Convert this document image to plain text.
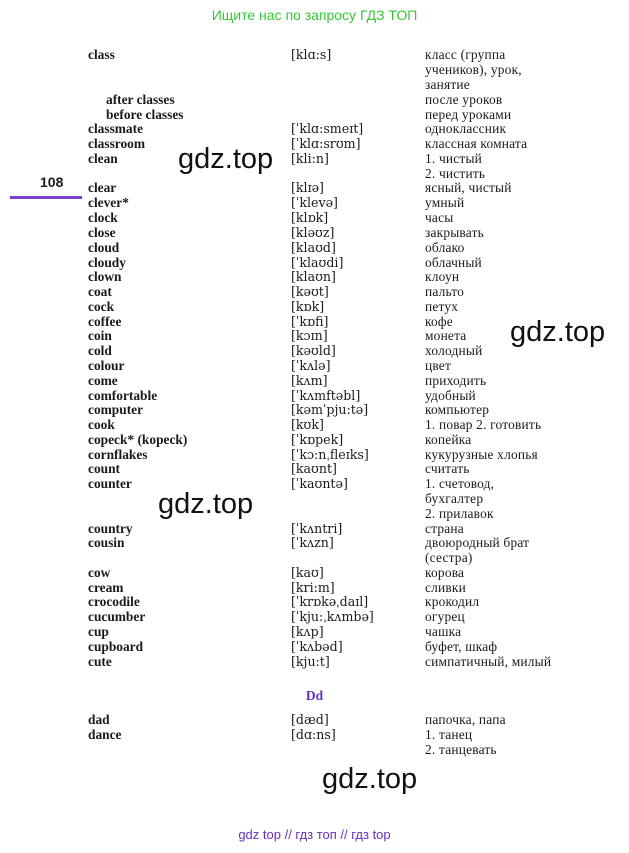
Ищите нас по запросу ГДЗ ТОП
108
class	[klɑ:s]	класс (группа
учеников), урок,
занятие
after classes	после уроков
before classes	перед уроками
classmate	[ˈklɑ:smeɪt]	одноклассник
classroom	[ˈklɑ:srʊm]	классная комната
clean	[kli:n]	1. чистый
2. чистить
clear	[klɪə]	ясный, чистый
clever*	[ˈklevə]	умный
clock	[klɒk]	часы
close	[kləʊz]	закрывать
cloud	[klaʊd]	облако
cloudy	[ˈklaʊdi]	облачный
clown	[klaʊn]	клоун
coat	[kəʊt]	пальто
cock	[kɒk]	петух
coffee	[ˈkɒfi]	кофе
coin	[kɔɪn]	монета
cold	[kəʊld]	холодный
colour	[ˈkʌlə]	цвет
come	[kʌm]	приходить
comfortable	[ˈkʌmftəbl]	удобный
computer	[kəmˈpju:tə]	компьютер
cook	[kʊk]	1. повар 2. готовить
copeck* (kopeck)	[ˈkɒpek]	копейка
cornflakes	[ˈkɔ:nˌfleɪks]	кукурузные хлопья
count	[kaʊnt]	считать
counter	[ˈkaʊntə]	1. счетовод,
бухгалтер
2. прилавок
country	[ˈkʌntri]	страна
cousin	[ˈkʌzn]	двоюродный брат
(сестра)
cow	[kaʊ]	корова
cream	[kri:m]	сливки
crocodile	[ˈkrɒkəˌdaɪl]	крокодил
cucumber	[ˈkju:ˌkʌmbə]	огурец
cup	[kʌp]	чашка
cupboard	[ˈkʌbəd]	буфет, шкаф
cute	[kju:t]	симпатичный, милый
dad	[dæd]	папочка, папа
dance	[dɑ:ns]	1. танец
2. танцевать
Dd
gdz.top
gdz.top
gdz.top
gdz.top
gdz top // гдз топ // гдз top
